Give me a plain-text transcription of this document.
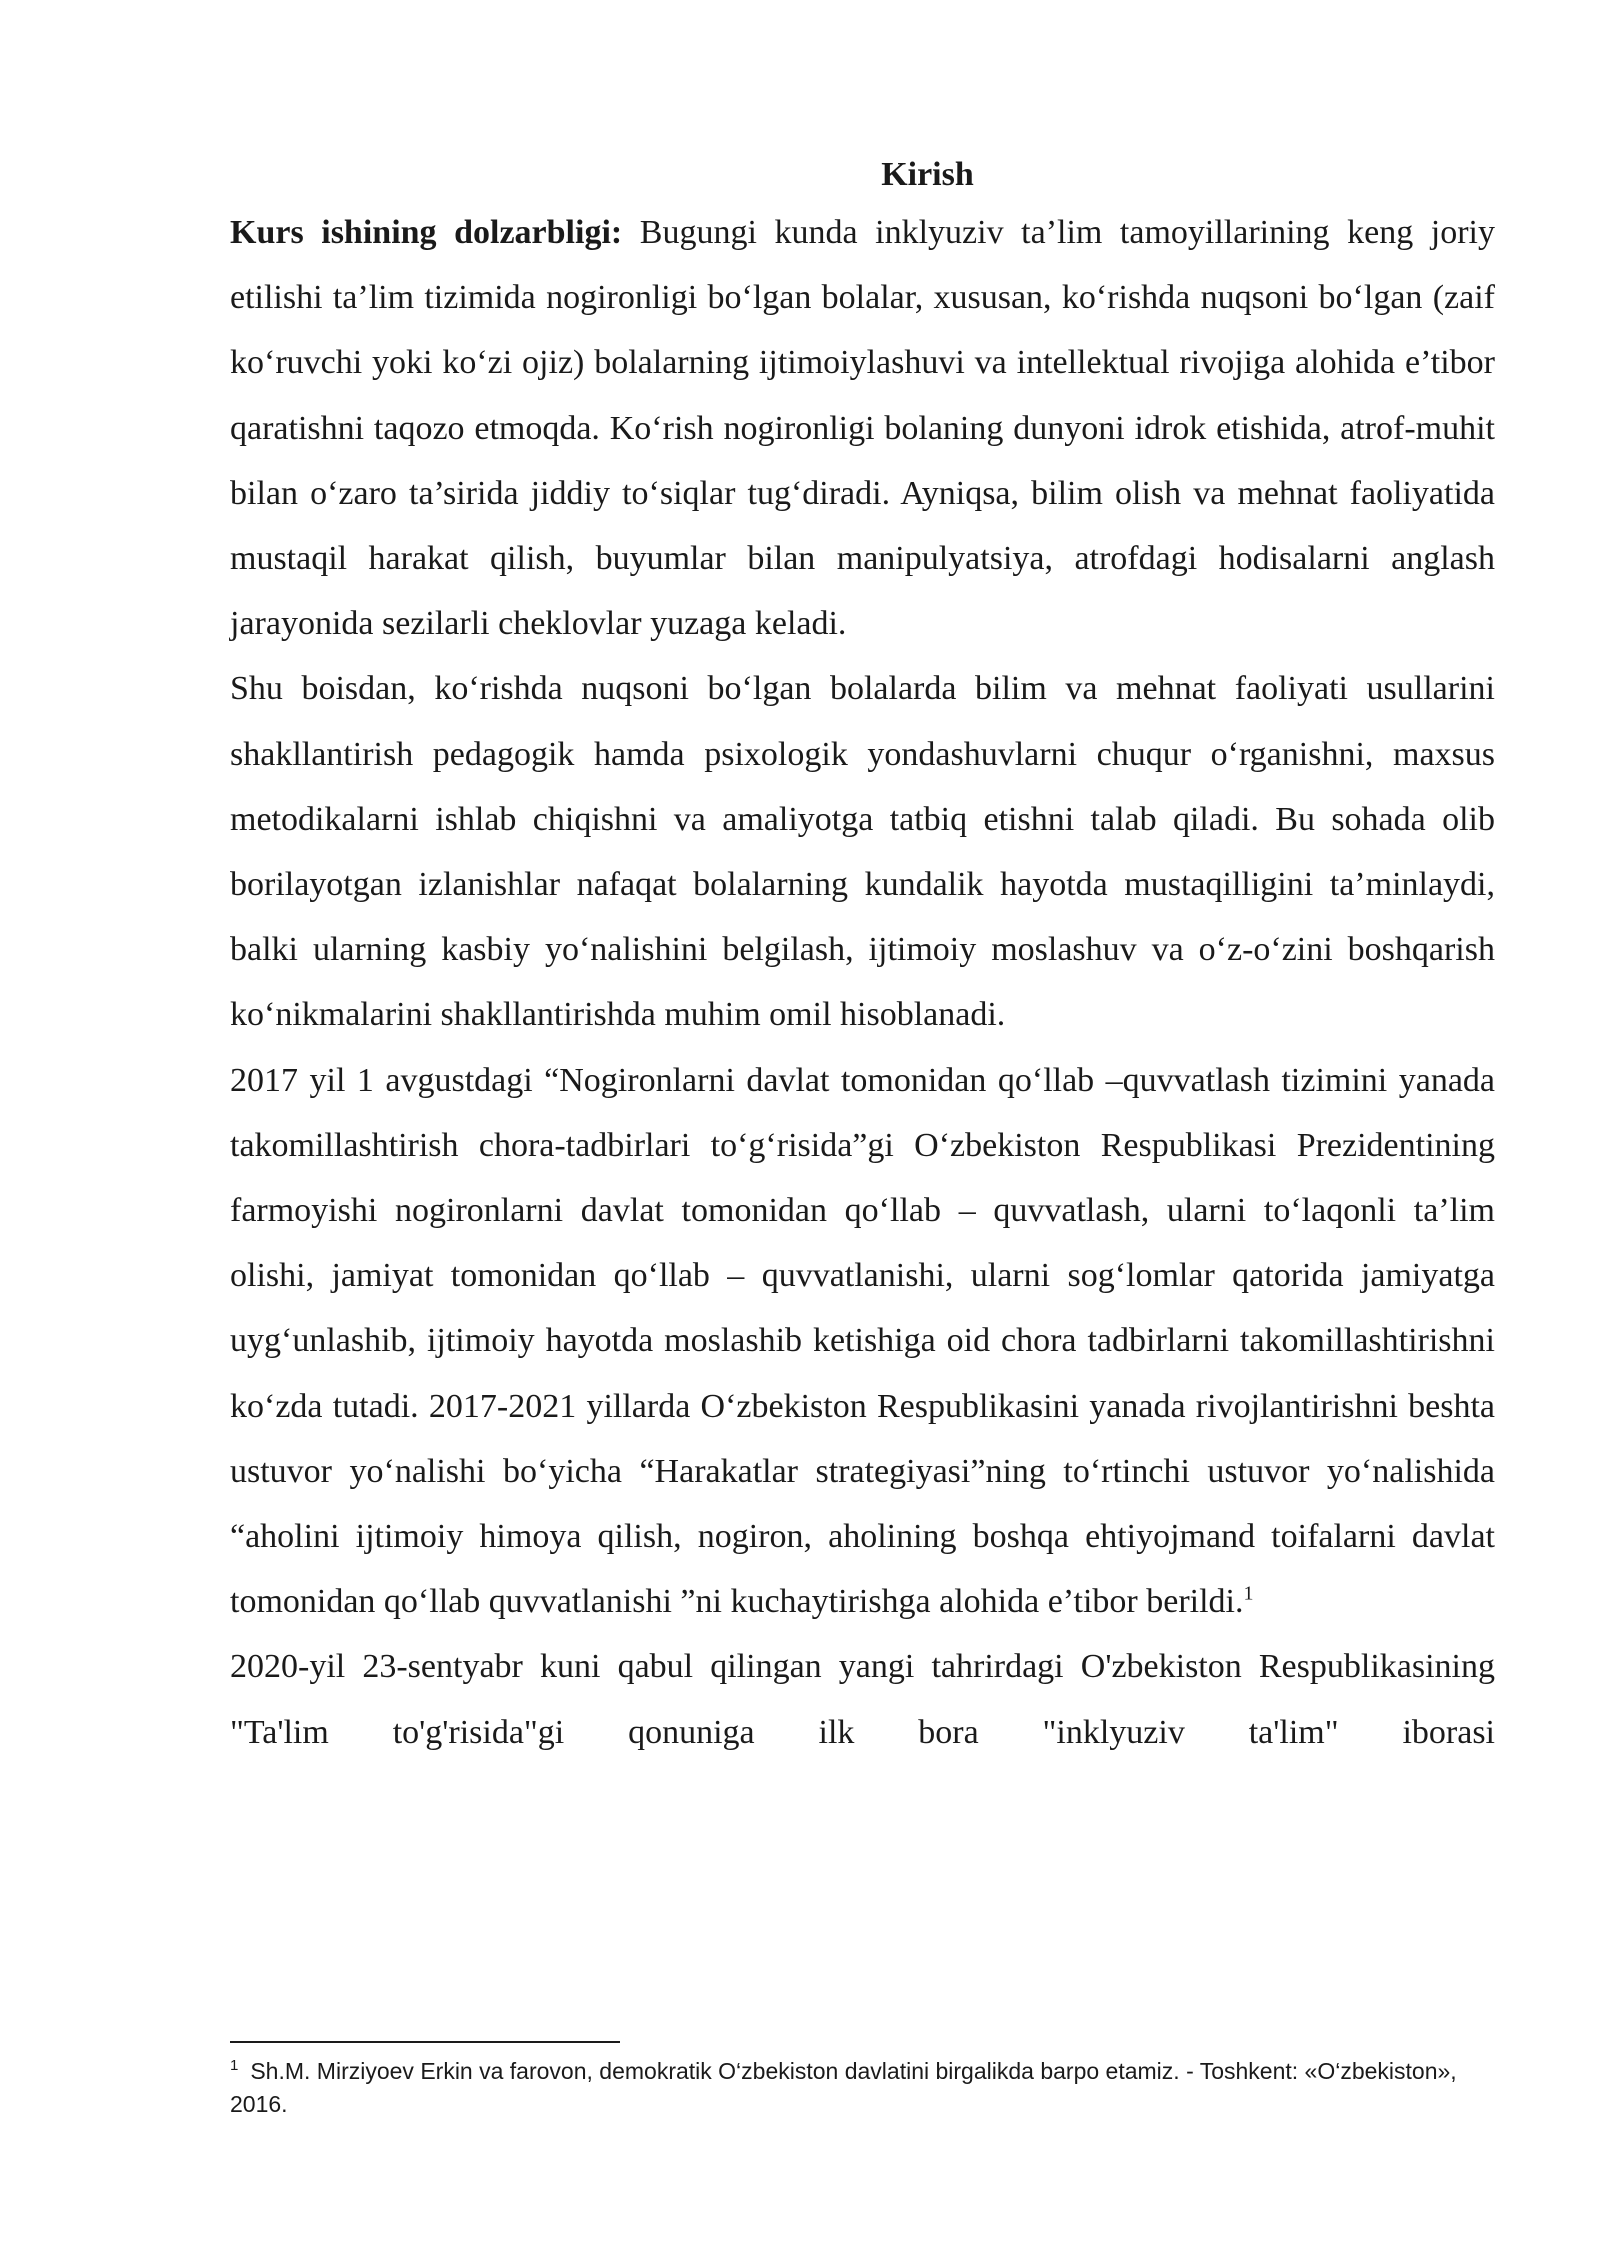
Kirish

Kurs ishining dolzarbligi: Bugungi kunda inklyuziv ta’lim tamoyillarining keng joriy etilishi ta’lim tizimida nogironligi bo‘lgan bolalar, xususan, ko‘rishda nuqsoni bo‘lgan (zaif ko‘ruvchi yoki ko‘zi ojiz) bolalarning ijtimoiylashuvi va intellektual rivojiga alohida e’tibor qaratishni taqozo etmoqda. Ko‘rish nogironligi bolaning dunyoni idrok etishida, atrof-muhit bilan o‘zaro ta’sirida jiddiy to‘siqlar tug‘diradi. Ayniqsa, bilim olish va mehnat faoliyatida mustaqil harakat qilish, buyumlar bilan manipulyatsiya, atrofdagi hodisalarni anglash jarayonida sezilarli cheklovlar yuzaga keladi.

Shu boisdan, ko‘rishda nuqsoni bo‘lgan bolalarda bilim va mehnat faoliyati usullarini shakllantirish pedagogik hamda psixologik yondashuvlarni chuqur o‘rganishni, maxsus metodikalarni ishlab chiqishni va amaliyotga tatbiq etishni talab qiladi. Bu sohada olib borilayotgan izlanishlar nafaqat bolalarning kundalik hayotda mustaqilligini ta’minlaydi, balki ularning kasbiy yo‘nalishini belgilash, ijtimoiy moslashuv va o‘z-o‘zini boshqarish ko‘nikmalarini shakllantirishda muhim omil hisoblanadi.

2017 yil 1 avgustdagi “Nogironlarni davlat tomonidan qo‘llab –quvvatlash tizimini yanada takomillashtirish chora-tadbirlari to‘g‘risida”gi O‘zbekiston Respublikasi Prezidentining farmoyishi nogironlarni davlat tomonidan qo‘llab – quvvatlash, ularni to‘laqonli ta’lim olishi, jamiyat tomonidan qo‘llab – quvvatlanishi, ularni sog‘lomlar qatorida jamiyatga uyg‘unlashib, ijtimoiy hayotda moslashib ketishiga oid chora tadbirlarni takomillashtirishni ko‘zda tutadi. 2017-2021 yillarda O‘zbekiston Respublikasini yanada rivojlantirishni beshta ustuvor yo‘nalishi bo‘yicha “Harakatlar strategiyasi”ning to‘rtinchi ustuvor yo‘nalishida “aholini ijtimoiy himoya qilish, nogiron, aholining boshqa ehtiyojmand toifalarni davlat tomonidan qo‘llab quvvatlanishi ”ni kuchaytirishga alohida e’tibor berildi.$^1$

2020-yil 23-sentyabr kuni qabul qilingan yangi tahrirdagi O'zbekiston Respublikasining "Ta'lim to'g'risida"gi qonuniga ilk bora "inklyuziv ta'lim" iborasi

$^1$ Sh.M. Mirziyoev Erkin va farovon, demokratik O‘zbekiston davlatini birgalikda barpo etamiz. - Toshkent: «O‘zbekiston», 2016.
